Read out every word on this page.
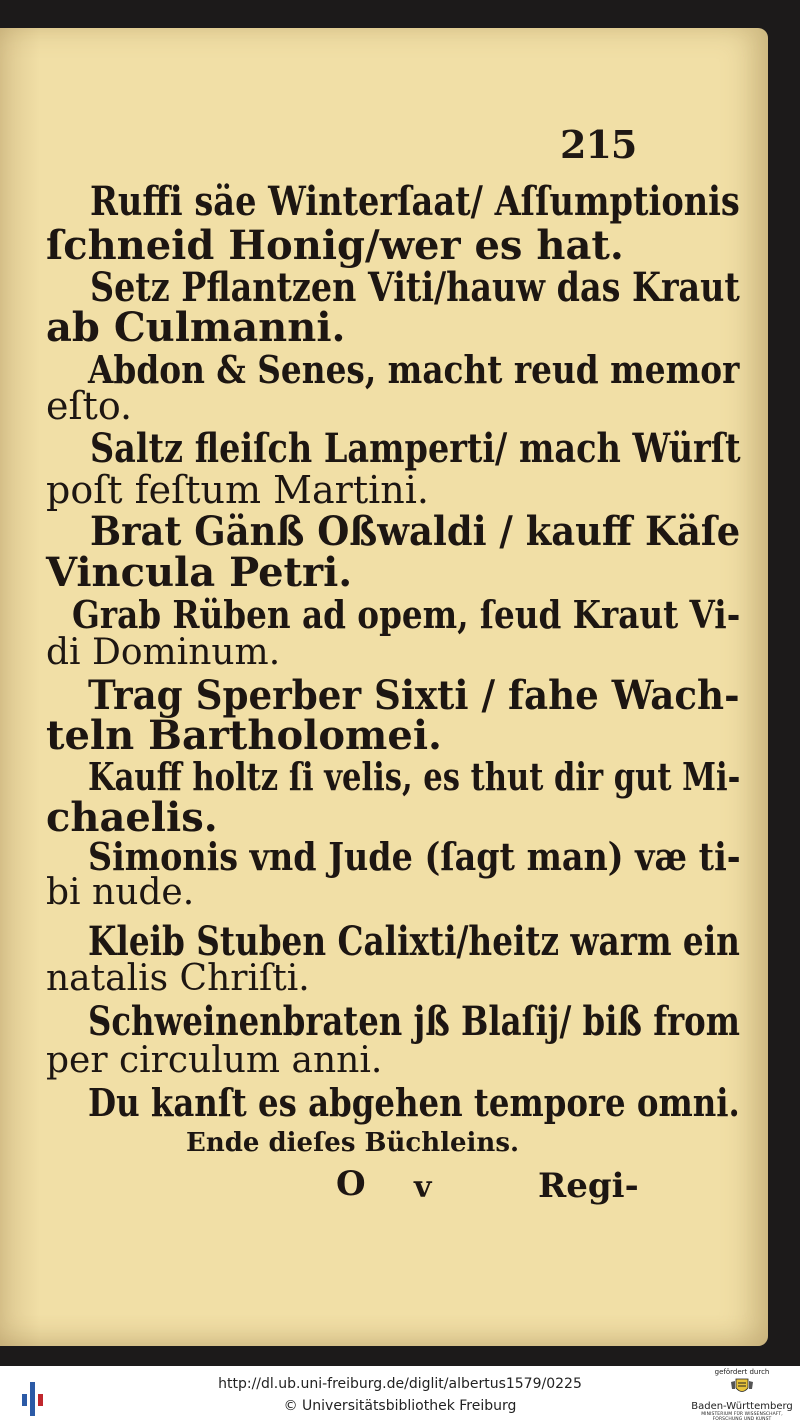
215
Ruffi säe Winterſaat/ Aſſumptionis
ſchneid Honig/wer es hat.
Setz Pflantzen Viti/hauw das Kraut
ab Culmanni.
Abdon & Senes, macht reud memor
eſto.
Saltz fleiſch Lamperti/ mach Würſt
poſt feſtum Martini.
Brat Gänß Oßwaldi / kauff Käſe
Vincula Petri.
Grab Rüben ad opem, ſeud Kraut Vi-
di Dominum.
Trag Sperber Sixti / fahe Wach-
teln Bartholomei.
Kauff holtz ſi velis, es thut dir gut Mi-
chaelis.
Simonis vnd Jude (ſagt man) væ ti-
bi nude.
Kleib Stuben Calixti/heitz warm ein
natalis Chriſti.
Schweinenbraten jß Blaſij/ biß from
per circulum anni.
Du kanſt es abgehen tempore omni.
Ende dieſes Büchleins.
O v	Regi-
http://dl.ub.uni-freiburg.de/diglit/albertus1579/0225
© Universitätsbibliothek Freiburg
gefördert durch
Baden-Württemberg
MINISTERIUM FÜR WISSENSCHAFT, FORSCHUNG UND KUNST
